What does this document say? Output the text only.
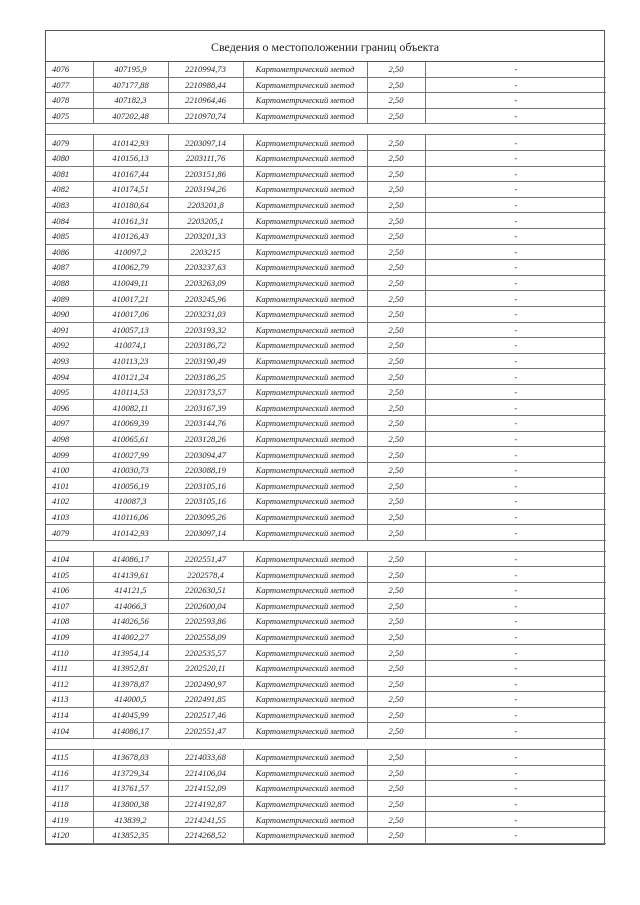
Сведения о местоположении границ объекта
4076	407195,9	2210994,73	Картометрический метод	2,50	-
4077	407177,88	2210988,44	Картометрический метод	2,50	-
4078	407182,3	2210964,46	Картометрический метод	2,50	-
4075	407202,48	2210970,74	Картометрический метод	2,50	-

4079	410142,93	2203097,14	Картометрический метод	2,50	-
4080	410156,13	2203111,76	Картометрический метод	2,50	-
4081	410167,44	2203151,86	Картометрический метод	2,50	-
4082	410174,51	2203194,26	Картометрический метод	2,50	-
4083	410180,64	2203201,8	Картометрический метод	2,50	-
4084	410161,31	2203205,1	Картометрический метод	2,50	-
4085	410126,43	2203201,33	Картометрический метод	2,50	-
4086	410097,2	2203215	Картометрический метод	2,50	-
4087	410062,79	2203237,63	Картометрический метод	2,50	-
4088	410049,11	2203263,09	Картометрический метод	2,50	-
4089	410017,21	2203245,96	Картометрический метод	2,50	-
4090	410017,06	2203231,03	Картометрический метод	2,50	-
4091	410057,13	2203193,32	Картометрический метод	2,50	-
4092	410074,1	2203186,72	Картометрический метод	2,50	-
4093	410113,23	2203190,49	Картометрический метод	2,50	-
4094	410121,24	2203186,25	Картометрический метод	2,50	-
4095	410114,53	2203173,57	Картометрический метод	2,50	-
4096	410082,11	2203167,39	Картометрический метод	2,50	-
4097	410069,39	2203144,76	Картометрический метод	2,50	-
4098	410065,61	2203128,26	Картометрический метод	2,50	-
4099	410027,99	2203094,47	Картометрический метод	2,50	-
4100	410030,73	2203088,19	Картометрический метод	2,50	-
4101	410056,19	2203105,16	Картометрический метод	2,50	-
4102	410087,3	2203105,16	Картометрический метод	2,50	-
4103	410116,06	2203095,26	Картометрический метод	2,50	-
4079	410142,93	2203097,14	Картометрический метод	2,50	-

4104	414086,17	2202551,47	Картометрический метод	2,50	-
4105	414139,61	2202578,4	Картометрический метод	2,50	-
4106	414121,5	2202630,51	Картометрический метод	2,50	-
4107	414066,3	2202600,04	Картометрический метод	2,50	-
4108	414026,56	2202593,86	Картометрический метод	2,50	-
4109	414002,27	2202558,09	Картометрический метод	2,50	-
4110	413954,14	2202535,57	Картометрический метод	2,50	-
4111	413952,81	2202520,11	Картометрический метод	2,50	-
4112	413978,87	2202490,97	Картометрический метод	2,50	-
4113	414000,5	2202491,85	Картометрический метод	2,50	-
4114	414045,99	2202517,46	Картометрический метод	2,50	-
4104	414086,17	2202551,47	Картометрический метод	2,50	-

4115	413678,03	2214033,68	Картометрический метод	2,50	-
4116	413729,34	2214106,04	Картометрический метод	2,50	-
4117	413761,57	2214152,09	Картометрический метод	2,50	-
4118	413800,38	2214192,87	Картометрический метод	2,50	-
4119	413839,2	2214241,55	Картометрический метод	2,50	-
4120	413852,35	2214268,52	Картометрический метод	2,50	-
